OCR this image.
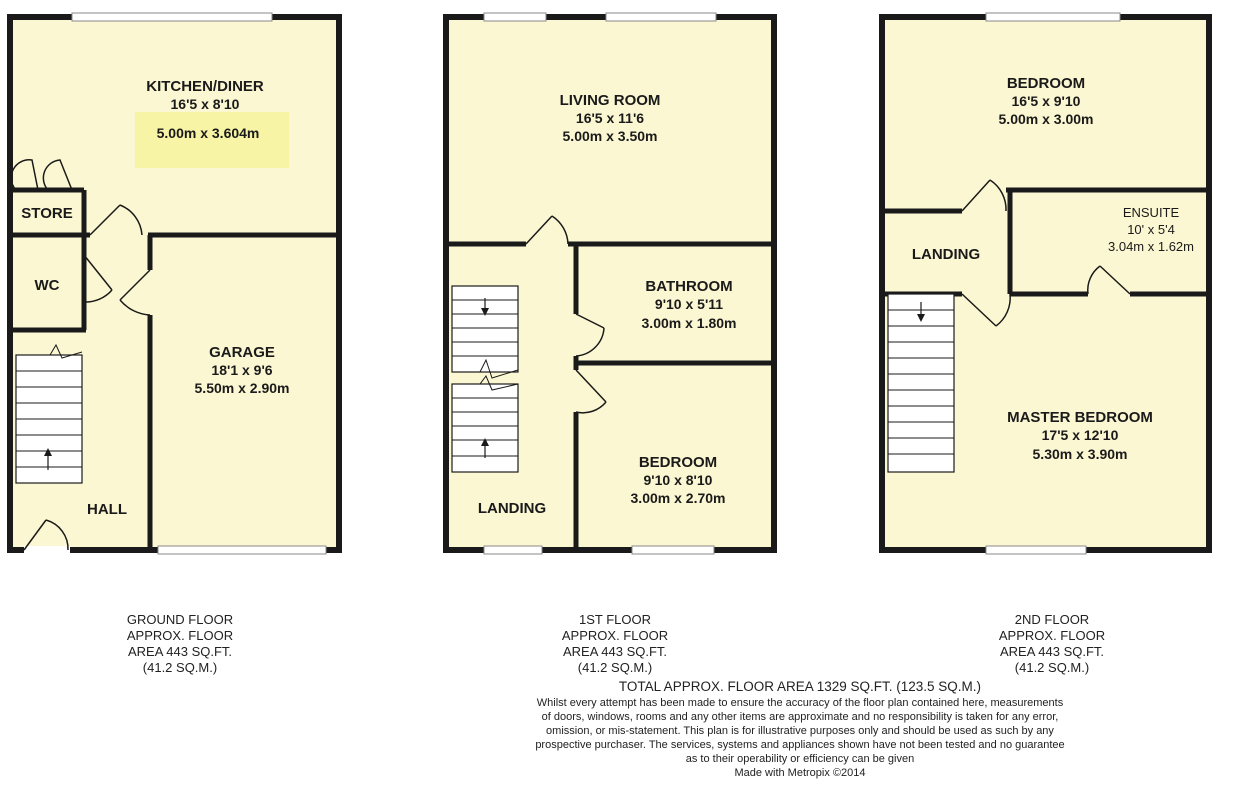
KITCHEN/DINER
16'5 x 8'10
5.00m x 3.604m
STORE
WC
GARAGE
18'1 x 9'6
5.50m x 2.90m
HALL
LIVING ROOM
16'5 x 11'6
5.00m x 3.50m
BATHROOM
9'10 x 5'11
3.00m x 1.80m
BEDROOM
9'10 x 8'10
3.00m x 2.70m
LANDING
BEDROOM
16'5 x 9'10
5.00m x 3.00m
ENSUITE
10' x 5'4
3.04m x 1.62m
LANDING
MASTER BEDROOM
17'5 x 12'10
5.30m x 3.90m
GROUND FLOOR
APPROX. FLOOR
AREA 443 SQ.FT.
(41.2 SQ.M.)
1ST FLOOR
APPROX. FLOOR
AREA 443 SQ.FT.
(41.2 SQ.M.)
2ND FLOOR
APPROX. FLOOR
AREA 443 SQ.FT.
(41.2 SQ.M.)
TOTAL APPROX. FLOOR AREA 1329 SQ.FT. (123.5 SQ.M.)
Whilst every attempt has been made to ensure the accuracy of the floor plan contained here, measurements
of doors, windows, rooms and any other items are approximate and no responsibility is taken for any error,
omission, or mis-statement. This plan is for illustrative purposes only and should be used as such by any
prospective purchaser. The services, systems and appliances shown have not been tested and no guarantee
as to their operability or efficiency can be given
Made with Metropix ©2014
